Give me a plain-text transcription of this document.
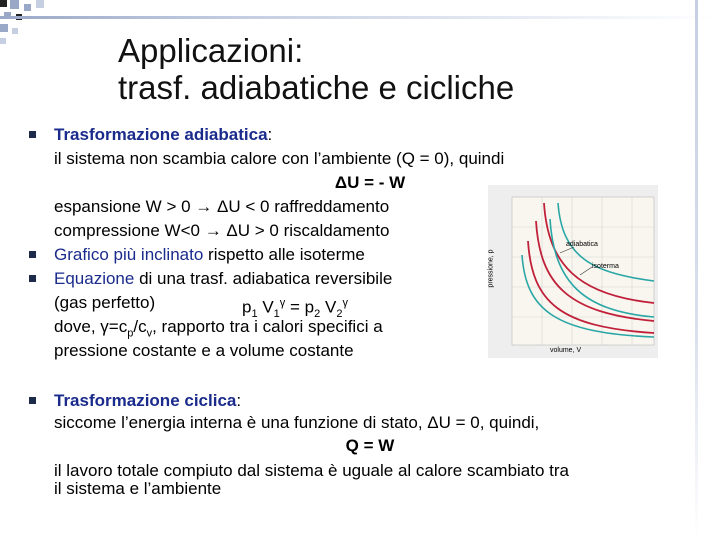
Applicazioni:
trasf. adiabatiche e cicliche
Trasformazione adiabatica:
il sistema non scambia calore con l’ambiente (Q = 0), quindi
ΔU = - W
espansione W > 0 → ΔU < 0 raffreddamento
compressione W<0 → ΔU > 0 riscaldamento
Grafico più inclinato rispetto alle isoterme
Equazione di una trasf. adiabatica reversibile
(gas perfetto)	$p_1$ $V_1^\gamma = p_2$ $V_2^\gamma$
dove, $\gamma=c_p/c_v$, rapporto tra i calori specifici a
pressione costante e a volume costante
Trasformazione ciclica:
siccome l’energia interna è una funzione di stato, ΔU = 0, quindi,
Q = W
il lavoro totale compiuto dal sistema è uguale al calore scambiato tra
il sistema e l’ambiente
adiabatica
isoterma
volume, V
pressione, p
